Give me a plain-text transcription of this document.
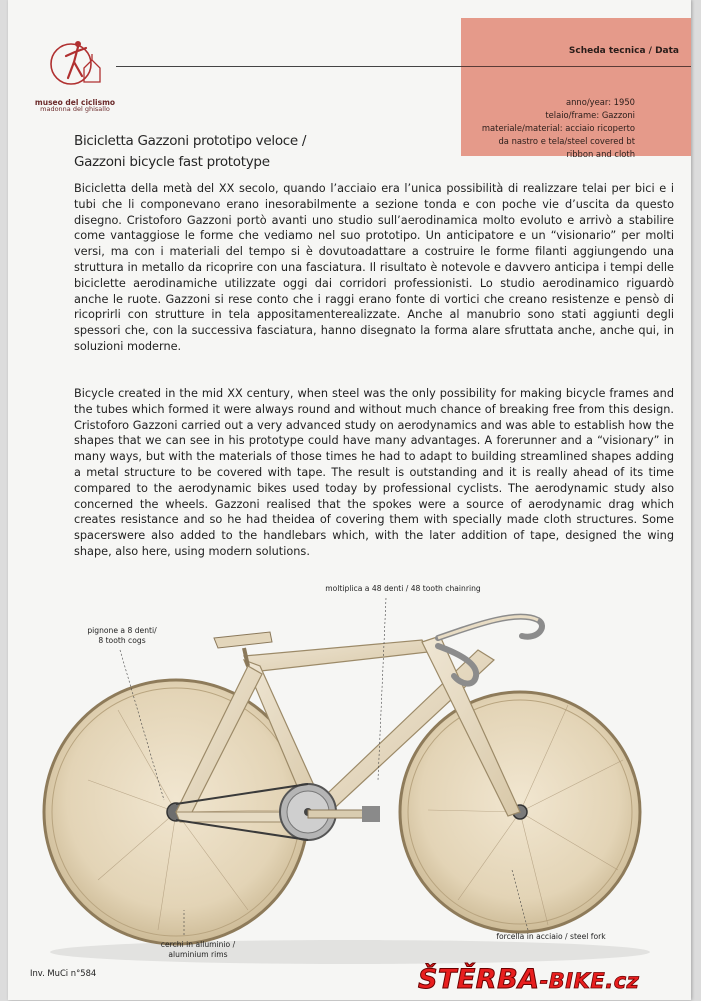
museo del ciclismo
madonna del ghisallo
Scheda tecnica / Data
anno/year: 1950
telaio/frame: Gazzoni
materiale/material: acciaio ricoperto
da nastro e tela/steel covered bt
ribbon and cloth
Bicicletta Gazzoni prototipo veloce /
Gazzoni bicycle fast prototype

Bicicletta della metà del XX secolo, quando l’acciaio era l’unica possibilità di realizzare telai per bici e i tubi che li componevano erano inesorabilmente a sezione tonda e con poche vie d’uscita da questo disegno. Cristoforo Gazzoni portò avanti uno studio sull’aerodinamica molto evoluto e arrivò a stabilire come vantaggiose le forme che vediamo nel suo prototipo. Un anticipatore e un “visionario” per molti versi, ma con i materiali del tempo si è dovutoadattare a costruire le forme filanti aggiungendo una struttura in metallo da ricoprire con una fasciatura. Il risultato è notevole e davvero anticipa i tempi delle biciclette aerodinamiche utilizzate oggi dai corridori professionisti. Lo studio aerodinamico riguardò anche le ruote. Gazzoni si rese conto che i raggi erano fonte di vortici che creano resistenze e pensò di ricoprirli con strutture in tela appositamenterealizzate. Anche al manubrio sono stati aggiunti degli spessori che, con la successiva fasciatura, hanno disegnato la forma alare sfruttata anche, anche qui, in soluzioni moderne.

Bicycle created in the mid XX century, when steel was the only possibility for making bicycle frames and the tubes which formed it were always round and without much chance of breaking free from this design. Cristoforo Gazzoni carried out a very advanced study on aerodynamics and was able to establish how the shapes that we can see in his prototype could have many advantages. A forerunner and a “visionary” in many ways, but with the materials of those times he had to adapt to building streamlined shapes adding a metal structure to be covered with tape. The result is outstanding and it is really ahead of its time compared to the aerodynamic bikes used today by professional cyclists. The aerodynamic study also concerned the wheels. Gazzoni realised that the spokes were a source of aerodynamic drag which creates resistance and so he had theidea of covering them with specially made cloth structures. Some spacerswere also added to the handlebars which, with the later addition of tape, designed the wing shape, also here, using modern solutions.

moltiplica a 48 denti / 48 tooth chainring
pignone a 8 denti/
8 tooth cogs
cerchi in alluminio /
aluminium rims
forcella in acciaio / steel fork
Inv. MuCi n°584	ŠTĚRBA-BIKE.cz
